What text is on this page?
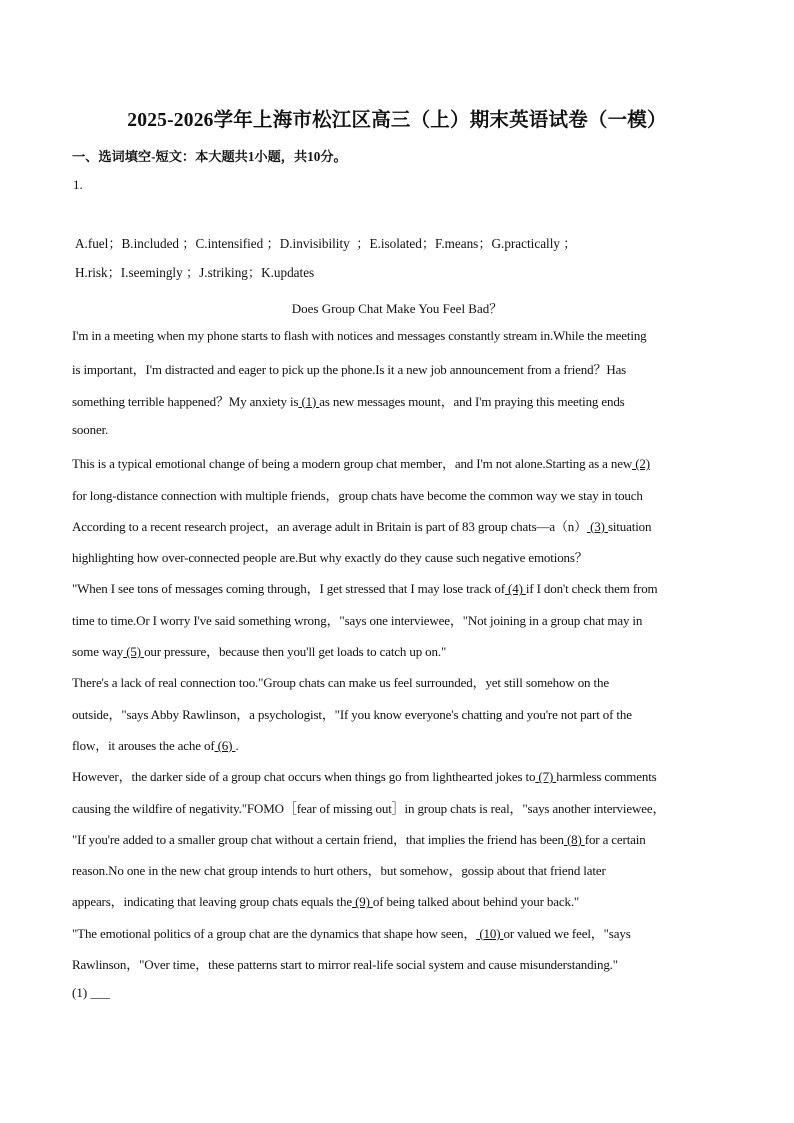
2025-2026学年上海市松江区高三（上）期末英语试卷（一模）
一、选词填空-短文：本大题共1小题，共10分。
1.
A.fuel；B.included ；C.intensified ；D.invisibility  ；E.isolated；F.means；G.practically ；
H.risk；I.seemingly ；J.striking；K.updates
Does Group Chat Make You Feel Bad？
I'm in a meeting when my phone starts to flash with notices and messages constantly stream in.While the meeting
is important，I'm distracted and eager to pick up the phone.Is it a new job announcement from a friend？Has
something terrible happened？My anxiety is (1) as new messages mount，and I'm praying this meeting ends
sooner.
This is a typical emotional change of being a modern group chat member，and I'm not alone.Starting as a new (2)
for long-distance connection with multiple friends，group chats have become the common way we stay in touch
According to a recent research project，an average adult in Britain is part of 83 group chats—a（n） (3) situation
highlighting how over-connected people are.But why exactly do they cause such negative emotions？
"When I see tons of messages coming through，I get stressed that I may lose track of (4) if I don't check them from
time to time.Or I worry I've said something wrong，"says one interviewee，"Not joining in a group chat may in
some way (5) our pressure，because then you'll get loads to catch up on."
There's a lack of real connection too."Group chats can make us feel surrounded，yet still somehow on the
outside，"says Abby Rawlinson，a psychologist，"If you know everyone's chatting and you're not part of the
flow，it arouses the ache of (6) .
However，the darker side of a group chat occurs when things go from lighthearted jokes to (7) harmless comments
causing the wildfire of negativity."FOMO［fear of missing out］in group chats is real，"says another interviewee，
"If you're added to a smaller group chat without a certain friend，that implies the friend has been (8) for a certain
reason.No one in the new chat group intends to hurt others，but somehow，gossip about that friend later
appears，indicating that leaving group chats equals the (9) of being talked about behind your back."
"The emotional politics of a group chat are the dynamics that shape how seen， (10) or valued we feel，"says
Rawlinson，"Over time，these patterns start to mirror real-life social system and cause misunderstanding."
(1) ___
